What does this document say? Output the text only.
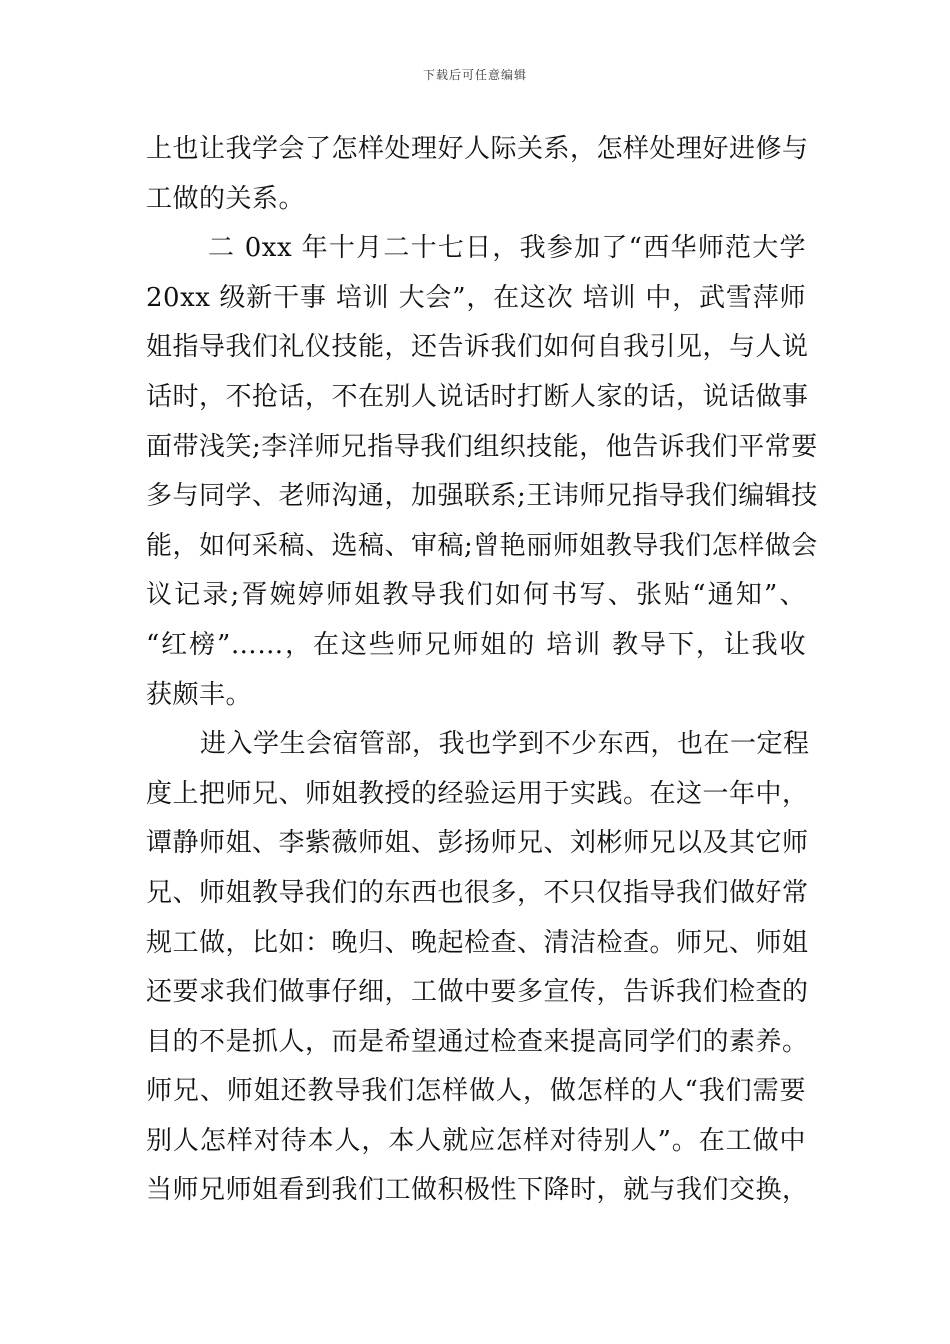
下载后可任意编辑
上也让我学会了怎样处理好人际关系，怎样处理好进修与
工做的关系。
二 0xx 年十月二十七日，我参加了“西华师范大学
20xx 级新干事 培训 大会”，在这次 培训 中，武雪萍师
姐指导我们礼仪技能，还告诉我们如何自我引见，与人说
话时，不抢话，不在别人说话时打断人家的话，说话做事
面带浅笑;李洋师兄指导我们组织技能，他告诉我们平常要
多与同学、老师沟通，加强联系;王讳师兄指导我们编辑技
能，如何采稿、选稿、审稿;曾艳丽师姐教导我们怎样做会
议记录;胥婉婷师姐教导我们如何书写、张贴“通知”、
“红榜”……，在这些师兄师姐的 培训 教导下，让我收
获颇丰。
进入学生会宿管部，我也学到不少东西，也在一定程
度上把师兄、师姐教授的经验运用于实践。在这一年中，
谭静师姐、李紫薇师姐、彭扬师兄、刘彬师兄以及其它师
兄、师姐教导我们的东西也很多，不只仅指导我们做好常
规工做，比如：晚归、晚起检查、清洁检查。师兄、师姐
还要求我们做事仔细，工做中要多宣传，告诉我们检查的
目的不是抓人，而是希望通过检查来提高同学们的素养。
师兄、师姐还教导我们怎样做人，做怎样的人“我们需要
别人怎样对待本人，本人就应怎样对待别人”。在工做中
当师兄师姐看到我们工做积极性下降时，就与我们交换，
